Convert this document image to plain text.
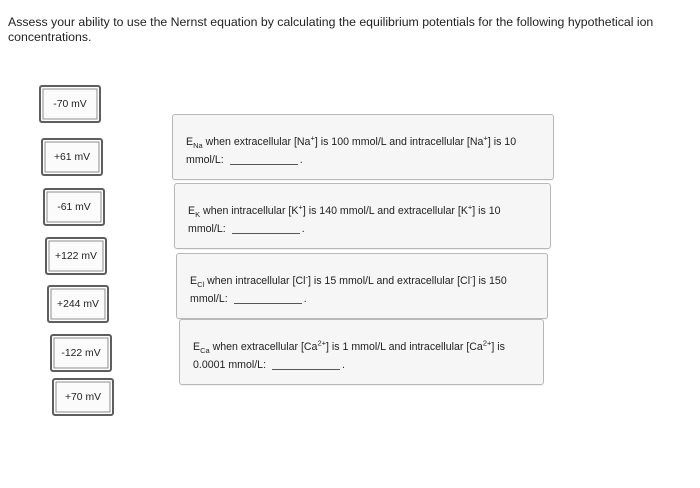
Assess your ability to use the Nernst equation by calculating the equilibrium potentials for the following hypothetical ion concentrations.
-70 mV
+61 mV
-61 mV
+122 mV
+244 mV
-122 mV
+70 mV
$E_{Na}$ when extracellular [Na+] is 100 mmol/L and intracellular [Na+] is 10
mmol/L:	.
$E_K$ when intracellular [K+] is 140 mmol/L and extracellular [K+] is 10
mmol/L:	.
$E_{Cl}$ when intracellular [Cl-] is 15 mmol/L and extracellular [Cl-] is 150
mmol/L:	.
$E_{Ca}$ when extracellular $[Ca^{2+}]$ is 1 mmol/L and intracellular $[Ca^{2+}]$ is
0.0001 mmol/L:	.
